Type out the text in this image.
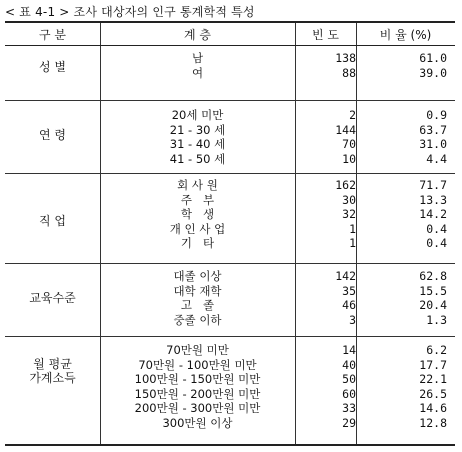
< 표 4-1 > 조사 대상자의 인구 통계학적 특성
구 분	계 층	빈 도	비 율 (%)
성 별
남	138	61.0
여	88	39.0
연 령
20세 미만	2	0.9
21 - 30 세	144	63.7
31 - 40 세	70	31.0
41 - 50 세	10	4.4
직 업
회 사 원	162	71.7
주   부	30	13.3
학   생	32	14.2
개 인 사 업	1	0.4
기   타	1	0.4
교육수준
대졸 이상	142	62.8
대학 재학	35	15.5
고   졸	46	20.4
중졸 이하	3	1.3
월 평균
가계소득
70만원 미만	14	6.2
70만원 - 100만원 미만	40	17.7
100만원 - 150만원 미만	50	22.1
150만원 - 200만원 미만	60	26.5
200만원 - 300만원 미만	33	14.6
300만원 이상	29	12.8
